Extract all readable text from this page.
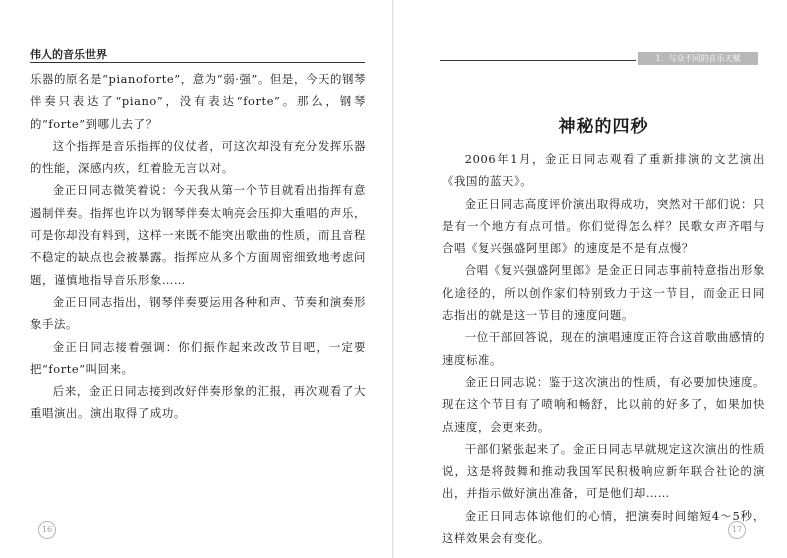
伟人的音乐世界

乐器的原名是“pianoforte”，意为“弱·强”。但是，今天的钢琴伴奏只表达了“piano”，没有表达“forte”。那么，钢琴的“forte”到哪儿去了？

这个指挥是音乐指挥的仪仗者，可这次却没有充分发挥乐器的性能，深感内疚，红着脸无言以对。

金正日同志微笑着说：今天我从第一个节目就看出指挥有意遏制伴奏。指挥也许以为钢琴伴奏太响亮会压抑大重唱的声乐，可是你却没有料到，这样一来既不能突出歌曲的性质，而且音程不稳定的缺点也会被暴露。指挥应从多个方面周密细致地考虑问题，谨慎地指导音乐形象……

金正日同志指出，钢琴伴奏要运用各种和声、节奏和演奏形象手法。

金正日同志接着强调：你们振作起来改改节目吧，一定要把“forte”叫回来。

后来，金正日同志接到改好伴奏形象的汇报，再次观看了大重唱演出。演出取得了成功。

16
1．与众不同的音乐天赋
神秘的四秒

2006年1月，金正日同志观看了重新排演的文艺演出《我国的蓝天》。

金正日同志高度评价演出取得成功，突然对干部们说：只是有一个地方有点可惜。你们觉得怎么样？民歌女声齐唱与合唱《复兴强盛阿里郎》的速度是不是有点慢？

合唱《复兴强盛阿里郎》是金正日同志事前特意指出形象化途径的，所以创作家们特别致力于这一节目，而金正日同志指出的就是这一节目的速度问题。

一位干部回答说，现在的演唱速度正符合这首歌曲感情的速度标准。

金正日同志说：鉴于这次演出的性质，有必要加快速度。现在这个节目有了喷响和畅舒，比以前的好多了，如果加快点速度，会更来劲。

干部们紧张起来了。金正日同志早就规定这次演出的性质说，这是将鼓舞和推动我国军民积极响应新年联合社论的演出，并指示做好演出准备，可是他们却……

金正日同志体谅他们的心情，把演奏时间缩短4～5秒，这样效果会有变化。

17
